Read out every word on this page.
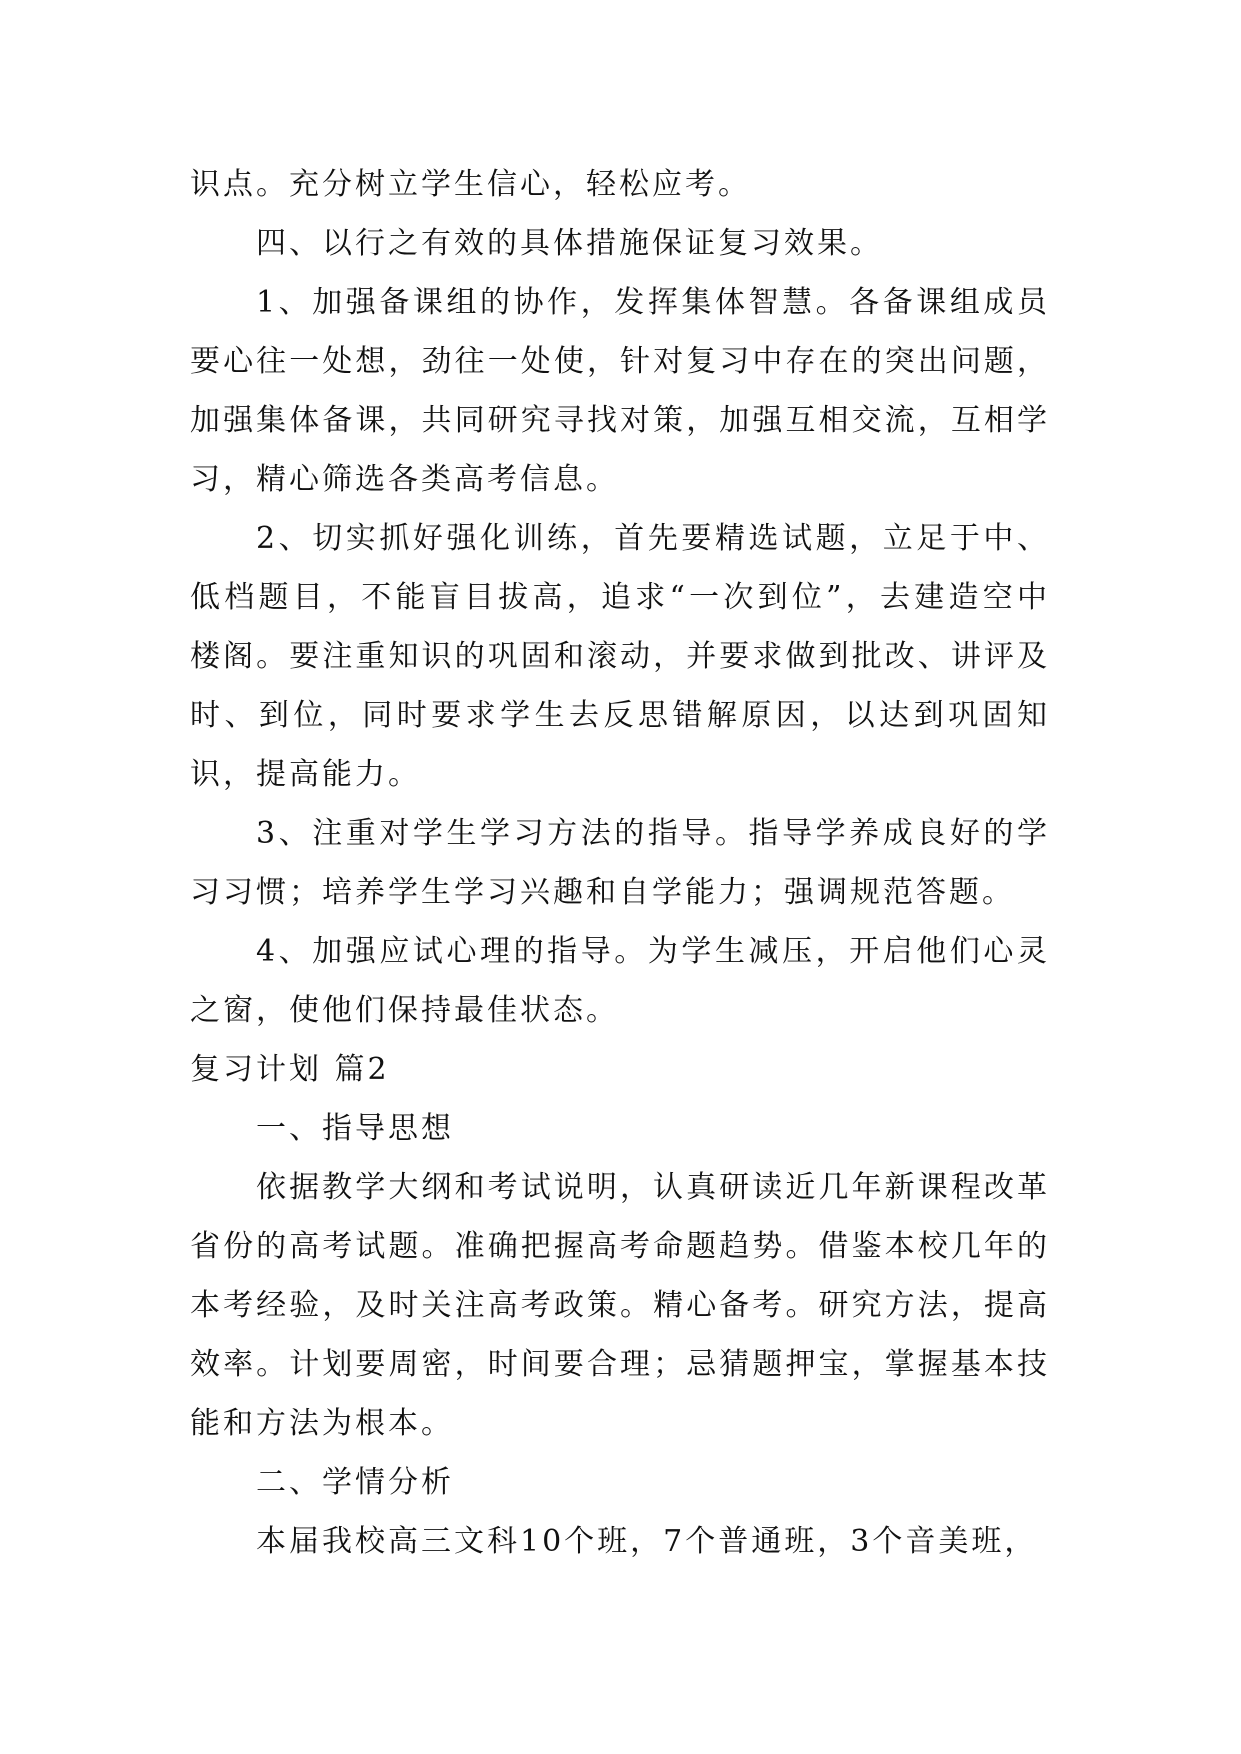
识点。充分树立学生信心，轻松应考。

四、以行之有效的具体措施保证复习效果。

1、加强备课组的协作，发挥集体智慧。各备课组成员要心往一处想，劲往一处使，针对复习中存在的突出问题，加强集体备课，共同研究寻找对策，加强互相交流，互相学习，精心筛选各类高考信息。

2、切实抓好强化训练，首先要精选试题，立足于中、低档题目，不能盲目拔高，追求“一次到位”，去建造空中楼阁。要注重知识的巩固和滚动，并要求做到批改、讲评及时、到位，同时要求学生去反思错解原因，以达到巩固知识，提高能力。

3、注重对学生学习方法的指导。指导学养成良好的学习习惯；培养学生学习兴趣和自学能力；强调规范答题。

4、加强应试心理的指导。为学生减压，开启他们心灵之窗，使他们保持最佳状态。

复习计划 篇2

一、指导思想

依据教学大纲和考试说明，认真研读近几年新课程改革省份的高考试题。准确把握高考命题趋势。借鉴本校几年的本考经验，及时关注高考政策。精心备考。研究方法，提高效率。计划要周密，时间要合理；忌猜题押宝，掌握基本技能和方法为根本。

二、学情分析

本届我校高三文科10个班，7个普通班，3个音美班，
